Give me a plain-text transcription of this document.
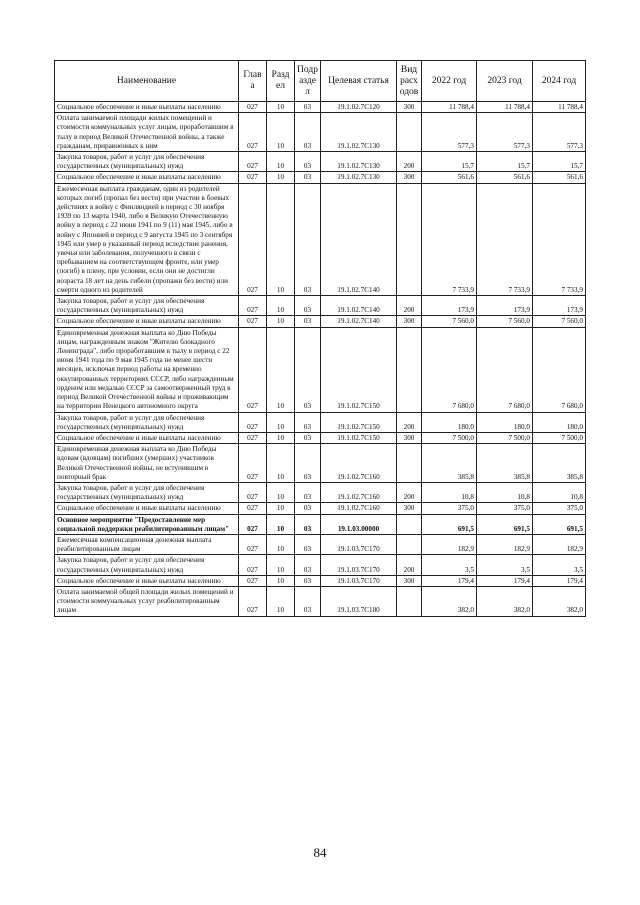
Наименование	Глав а	Разд ел	Подр азде л	Целевая статья	Вид расх одов	2022 год	2023 год	2024 год
Социальное обеспечение и иные выплаты населению	027	10	03	19.1.02.7С120	300	11 788,4	11 788,4	11 788,4
Оплата занимаемой площади жилых помещений и стоимости коммунальных услуг лицам, проработавшим в тылу в период Великой Отечественной войны, а также гражданам, приравненных к ним	027	10	03	19.1.02.7С130		577,3	577,3	577,3
Закупка товаров, работ и услуг для обеспечения государственных (муниципальных) нужд	027	10	03	19.1.02.7С130	200	15,7	15,7	15,7
Социальное обеспечение и иные выплаты населению	027	10	03	19.1.02.7С130	300	561,6	561,6	561,6
Ежемесячная выплата гражданам, один из родителей которых погиб (пропал без вести) при участии в боевых действиях в войну с Финляндией в период с 30 ноября 1939 по 13 марта 1940, либо в Великую Отечественную войну в период с 22 июня 1941 по 9 (11) мая 1945, либо в войну с Японией в период с 9 августа 1945 по 3 сентября 1945 или умер в указанный период вследствие ранения, увечья или заболевания, полученного в связи с пребыванием на соответствующем фронте, или умер (погиб) в плену, при условии, если они не достигли возраста 18 лет на день гибели (пропажи без вести) или смерти одного из родителей	027	10	03	19.1.02.7С140		7 733,9	7 733,9	7 733,9
Закупка товаров, работ и услуг для обеспечения государственных (муниципальных) нужд	027	10	03	19.1.02.7С140	200	173,9	173,9	173,9
Социальное обеспечение и иные выплаты населению	027	10	03	19.1.02.7С140	300	7 560,0	7 560,0	7 560,0
Единовременная денежная выплата ко Дню Победы лицам, награжденным знаком "Жителю блокадного Ленинграда", либо проработавшим в тылу в период с 22 июня 1941 года по 9 мая 1945 года не менее шести месяцев, исключая период работы на временно оккупированных территориях СССР, либо награжденным орденом или медалью СССР за самоотверженный труд в период Великой Отечественной войны и проживающим на территории Ненецкого автономного округа	027	10	03	19.1.02.7С150		7 680,0	7 680,0	7 680,0
Закупка товаров, работ и услуг для обеспечения государственных (муниципальных) нужд	027	10	03	19.1.02.7С150	200	180,0	180,0	180,0
Социальное обеспечение и иные выплаты населению	027	10	03	19.1.02.7С150	300	7 500,0	7 500,0	7 500,0
Единовременная денежная выплата ко Дню Победы вдовам (вдовцам) погибших (умерших) участников Великой Отечественной войны, не вступившим в повторный брак	027	10	03	19.1.02.7С160		385,8	385,8	385,8
Закупка товаров, работ и услуг для обеспечения государственных (муниципальных) нужд	027	10	03	19.1.02.7С160	200	10,8	10,8	10,8
Социальное обеспечение и иные выплаты населению	027	10	03	19.1.02.7С160	300	375,0	375,0	375,0
Основное мероприятие "Предоставление мер социальной поддержки реабилитированным лицам"	027	10	03	19.1.03.00000		691,5	691,5	691,5
Ежемесячная компенсационная денежная выплата реабилитированным лицам	027	10	03	19.1.03.7С170		182,9	182,9	182,9
Закупка товаров, работ и услуг для обеспечения государственных (муниципальных) нужд	027	10	03	19.1.03.7С170	200	3,5	3,5	3,5
Социальное обеспечение и иные выплаты населению	027	10	03	19.1.03.7С170	300	179,4	179,4	179,4
Оплата занимаемой общей площади жилых помещений и стоимости коммунальных услуг реабилитированным лицам	027	10	03	19.1.03.7С180		382,0	382,0	382,0
84
